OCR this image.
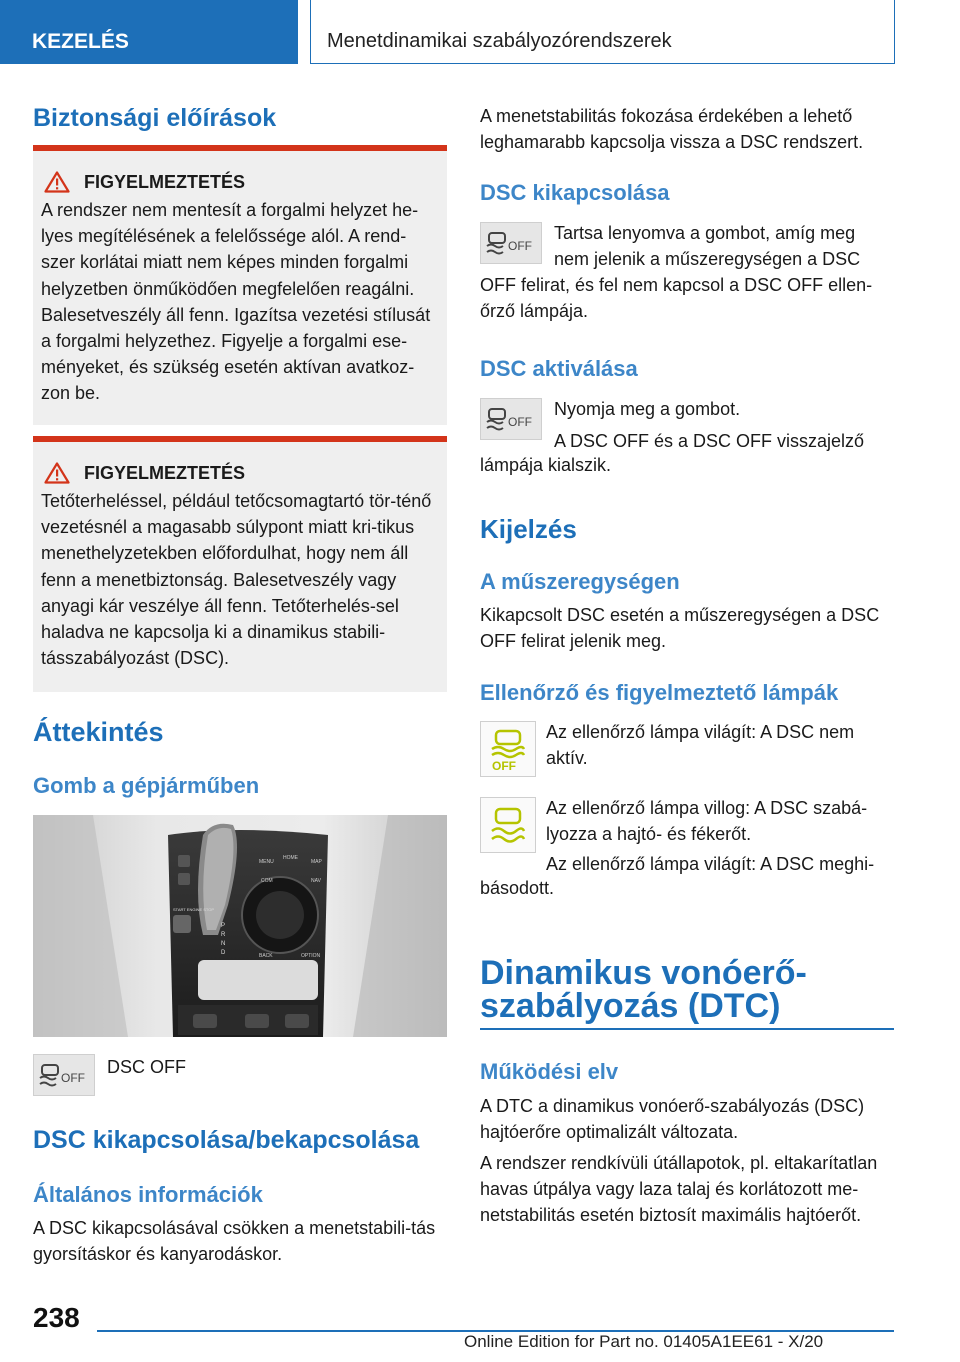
KEZELÉS	Menetdinamikai szabályozórendszerek
Biztonsági előírások
FIGYELMEZTETÉS
A rendszer nem mentesít a forgalmi helyzet he-lyes megítélésének a felelőssége alól. A rend-szer korlátai miatt nem képes minden forgalmi helyzetben önműködően megfelelően reagálni. Balesetveszély áll fenn. Igazítsa vezetési stílusát a forgalmi helyzethez. Figyelje a forgalmi ese-ményeket, és szükség esetén aktívan avatkoz-zon be.
FIGYELMEZTETÉS
Tetőterheléssel, például tetőcsomagtartó tör-ténő vezetésnél a magasabb súlypont miatt kri-tikus menethelyzetekben előfordulhat, hogy nem áll fenn a menetbiztonság. Balesetveszély vagy anyagi kár veszélye áll fenn. Tetőterhelés-sel haladva ne kapcsolja ki a dinamikus stabili-tásszabályozást (DSC).
Áttekintés
Gomb a gépjárműben
MENU
HOME
MAP
COM	NAV
BACK	OPTION
START ENGINE STOP
P
R
N
D
OFF
DSC OFF
DSC kikapcsolása/bekapcsolása
Általános információk
A DSC kikapcsolásával csökken a menetstabili-tás gyorsításkor és kanyarodáskor.
A menetstabilitás fokozása érdekében a lehető leghamarabb kapcsolja vissza a DSC rendszert.
DSC kikapcsolása
OFF
Tartsa lenyomva a gombot, amíg meg nem jelenik a műszeregységen a DSC
OFF felirat, és fel nem kapcsol a DSC OFF ellen-őrző lámpája.
DSC aktiválása
OFF
Nyomja meg a gombot.
A DSC OFF és a DSC OFF visszajelző
lámpája kialszik.
Kijelzés
A műszeregységen
Kikapcsolt DSC esetén a műszeregységen a DSC OFF felirat jelenik meg.
Ellenőrző és figyelmeztető lámpák
OFF
Az ellenőrző lámpa világít: A DSC nem aktív.
Az ellenőrző lámpa villog: A DSC szabá-lyozza a hajtó- és fékerőt.
Az ellenőrző lámpa világít: A DSC meghi-
básodott.
Dinamikus vonóerő-
szabályozás (DTC)
Működési elv
A DTC a dinamikus vonóerő-szabályozás (DSC) hajtóerőre optimalizált változata.
A rendszer rendkívüli útállapotok, pl. eltakarítatlan havas útpálya vagy laza talaj és korlátozott me-netstabilitás esetén biztosít maximális hajtóerőt.
238
Online Edition for Part no. 01405A1EE61 - X/20
